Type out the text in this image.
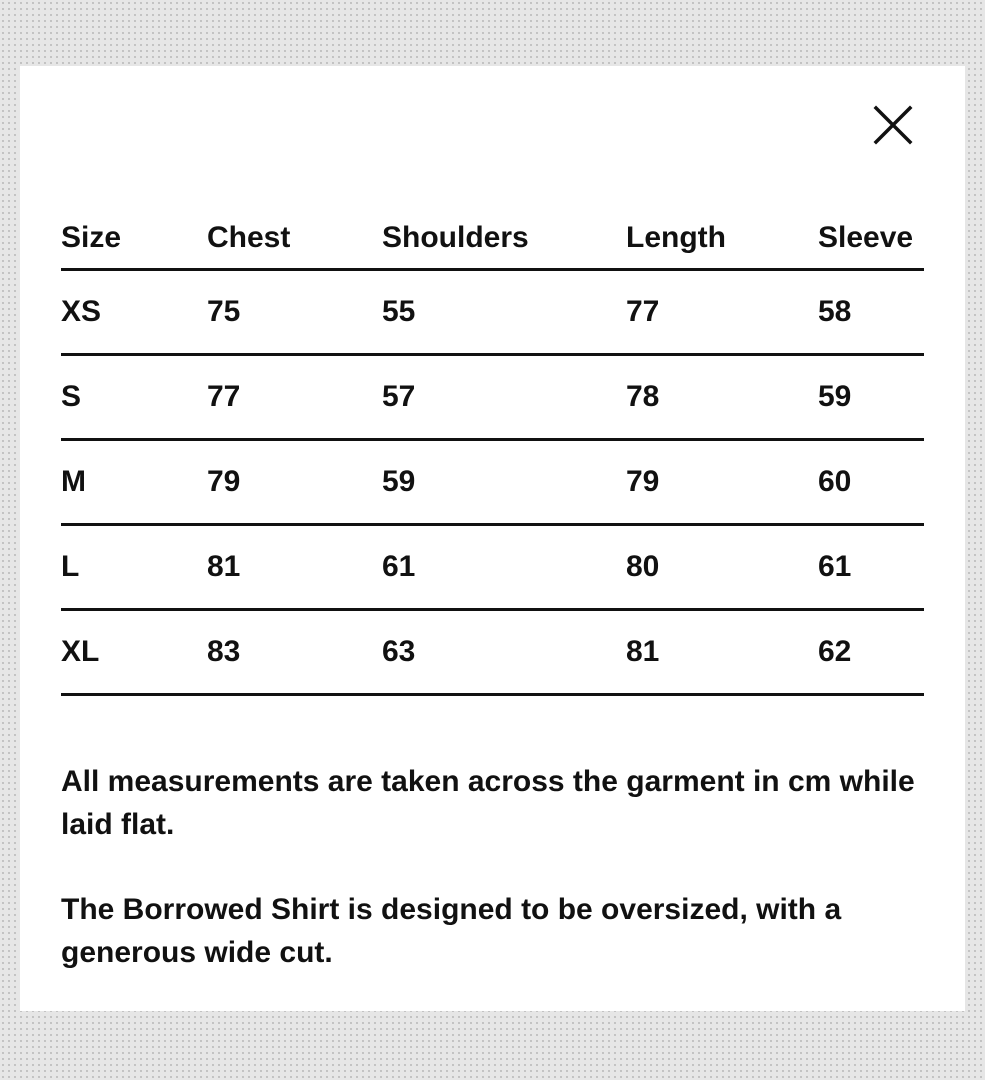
Size	Chest	Shoulders	Length	Sleeve
XS	75	55	77	58
S	77	57	78	59
M	79	59	79	60
L	81	61	80	61
XL	83	63	81	62

All measurements are taken across the garment in cm while laid flat.

The Borrowed Shirt is designed to be oversized, with a generous wide cut.
